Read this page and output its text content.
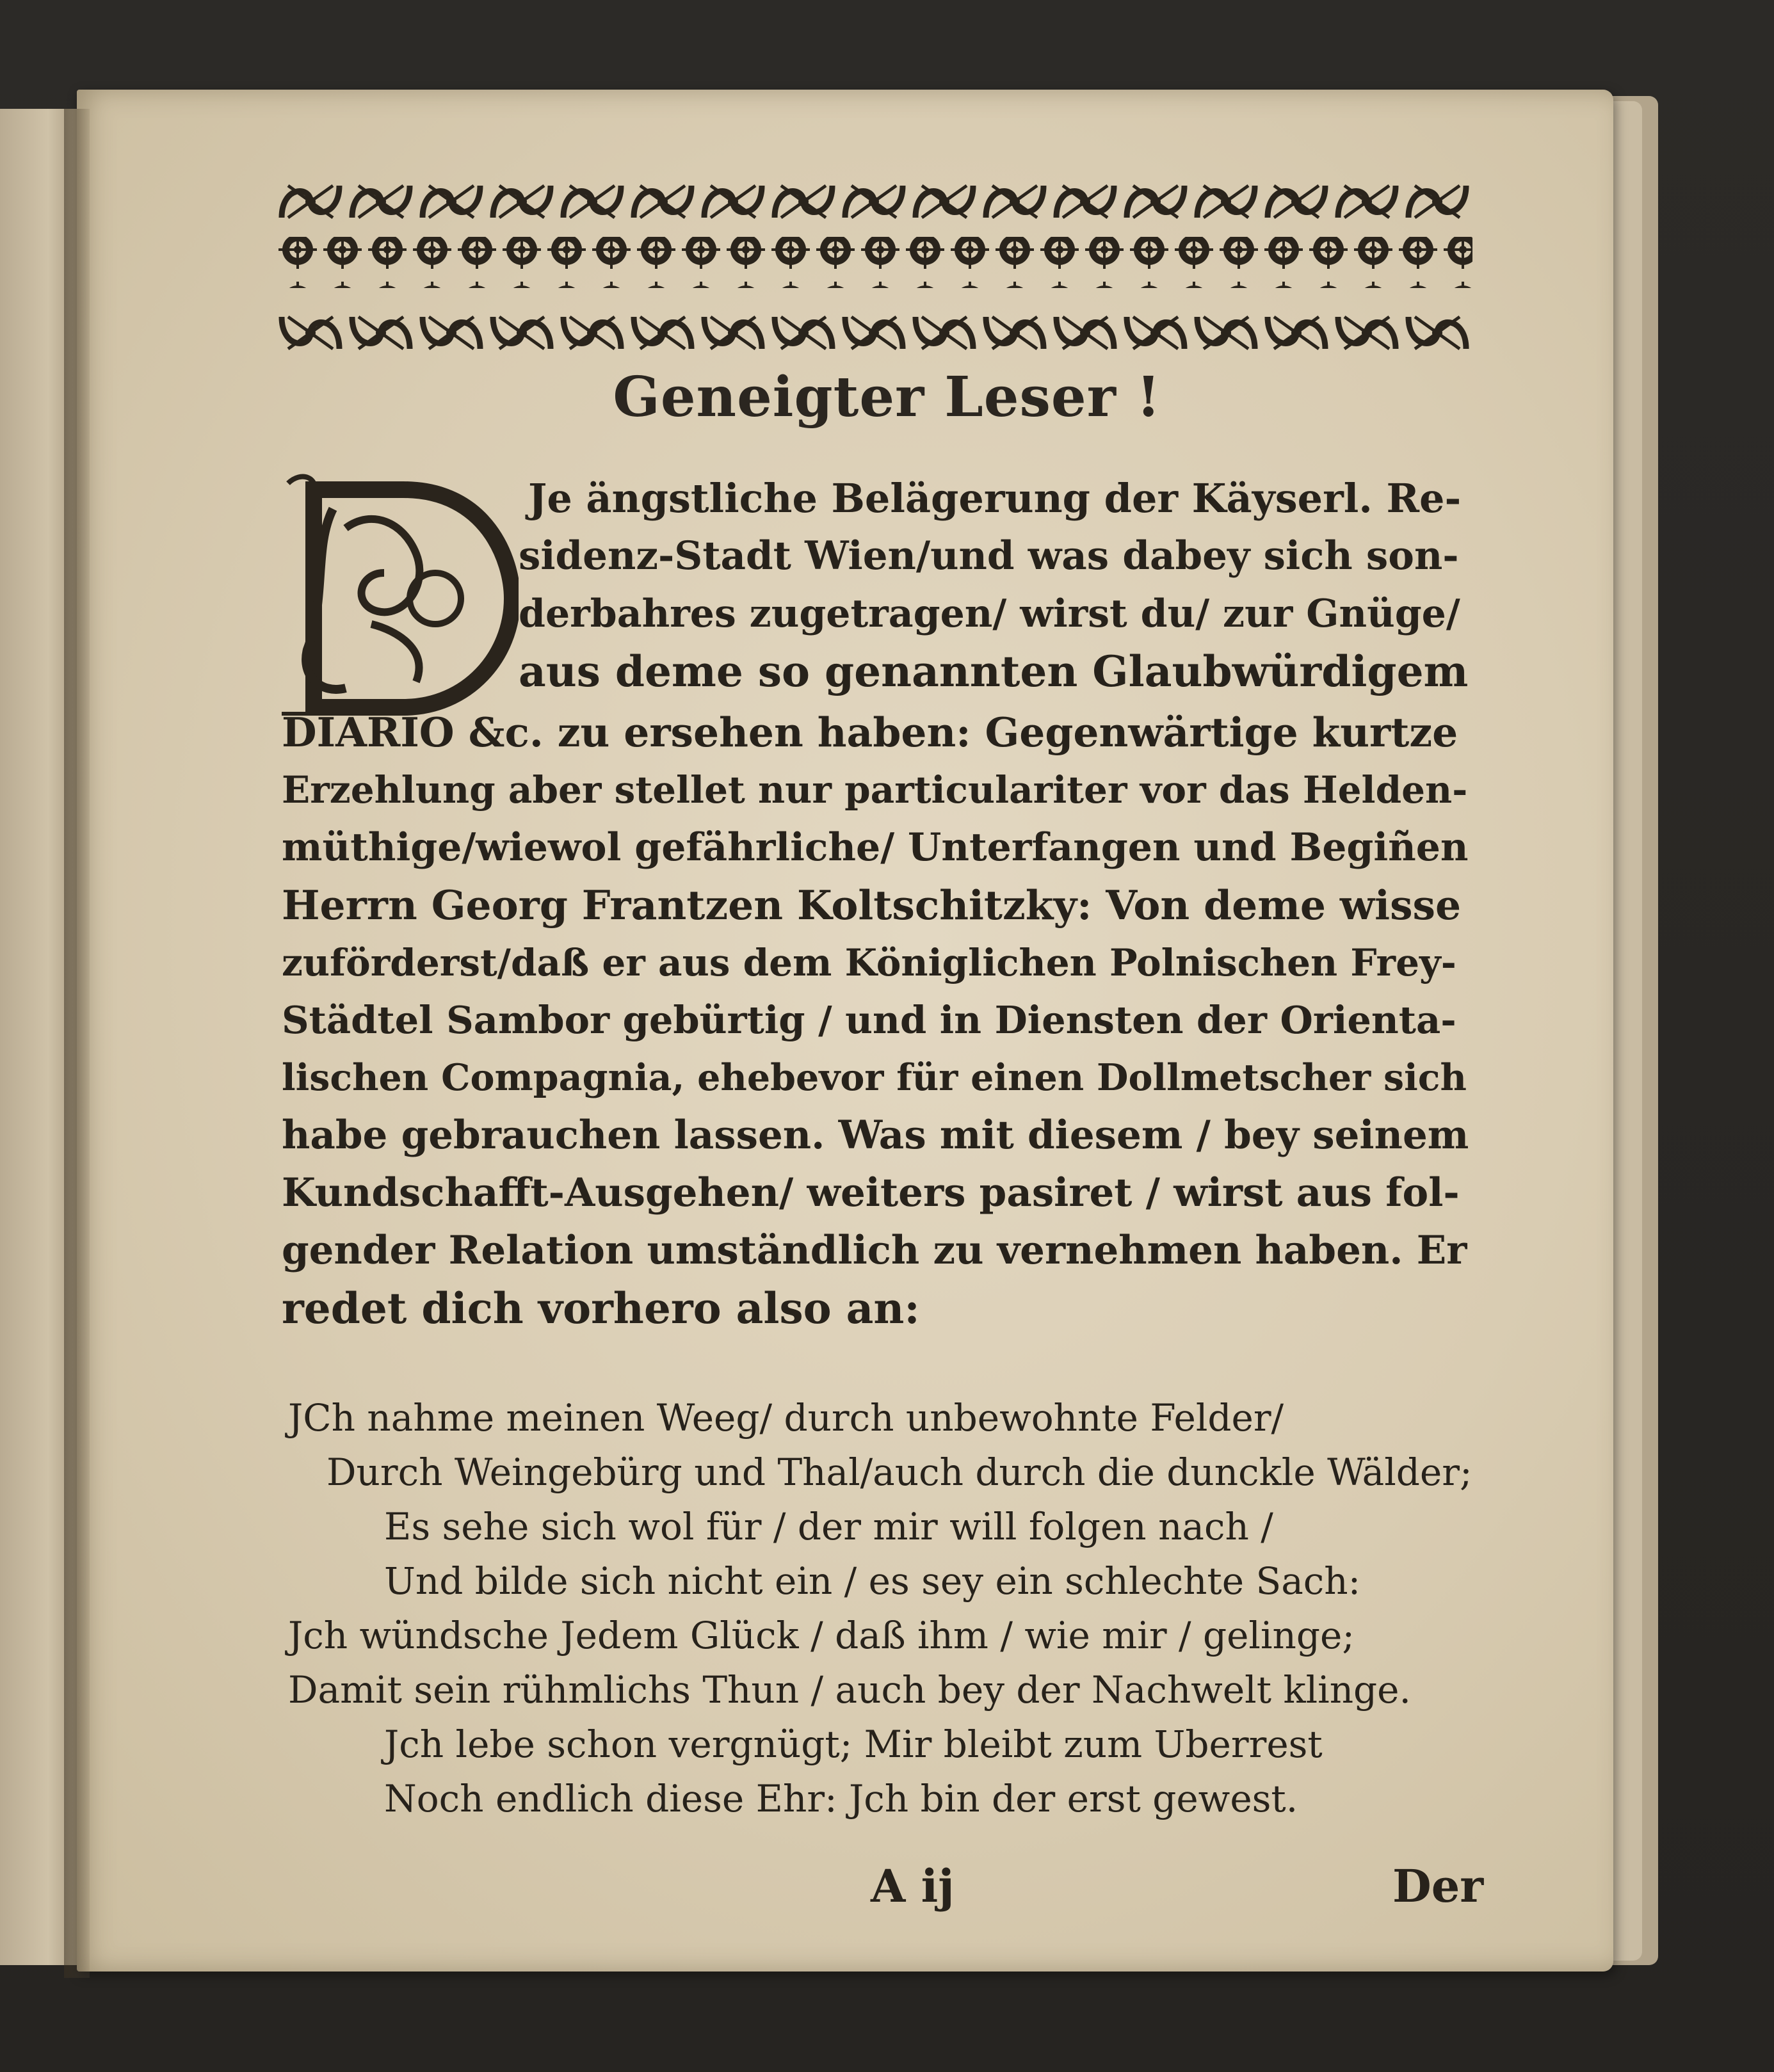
Geneigter Leser !
Je ängstliche Belägerung der Käyserl. Re-
sidenz-Stadt Wien/und was dabey sich son-
derbahres zugetragen/ wirst du/ zur Gnüge/
aus deme so genannten Glaubwürdigem
DIARIO &c. zu ersehen haben: Gegenwärtige kurtze
Erzehlung aber stellet nur particulariter vor das Helden-
müthige/wiewol gefährliche/ Unterfangen und Begiñen
Herrn Georg Frantzen Koltschitzky: Von deme wisse
zuförderst/daß er aus dem Königlichen Polnischen Frey-
Städtel Sambor gebürtig / und in Diensten der Orienta-
lischen Compagnia, ehebevor für einen Dollmetscher sich
habe gebrauchen lassen. Was mit diesem / bey seinem
Kundschafft-Ausgehen/ weiters pasiret / wirst aus fol-
gender Relation umständlich zu vernehmen haben. Er
redet dich vorhero also an:
JCh nahme meinen Weeg/ durch unbewohnte Felder/
Durch Weingebürg und Thal/auch durch die dunckle Wälder;
Es sehe sich wol für / der mir will folgen nach /
Und bilde sich nicht ein / es sey ein schlechte Sach:
Jch wündsche Jedem Glück / daß ihm / wie mir / gelinge;
Damit sein rühmlichs Thun / auch bey der Nachwelt klinge.
Jch lebe schon vergnügt; Mir bleibt zum Uberrest
Noch endlich diese Ehr: Jch bin der erst gewest.
A ij	Der
